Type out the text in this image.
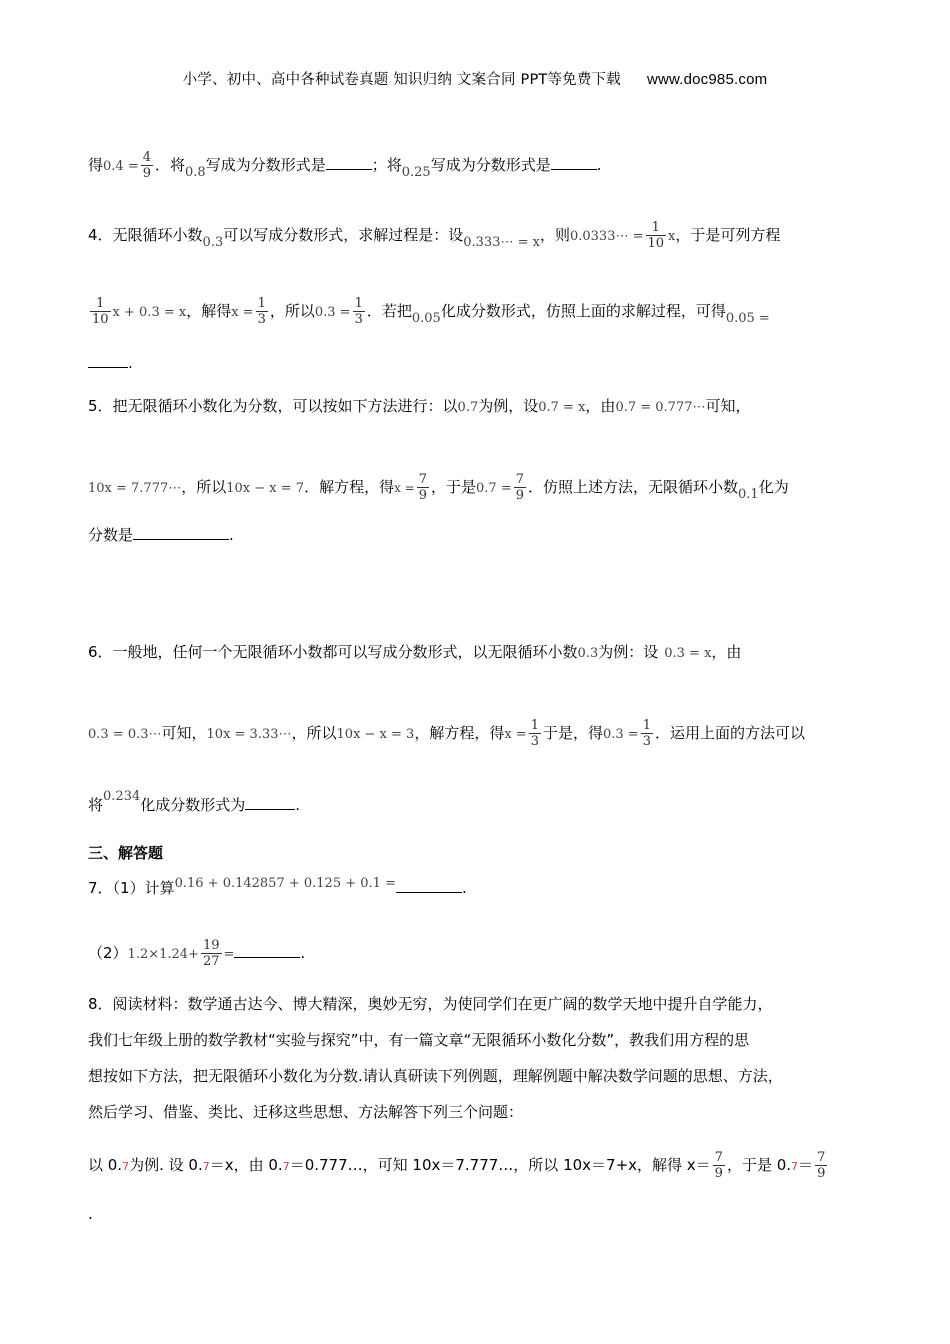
小学、初中、高中各种试卷真题 知识归纳 文案合同 PPT等免费下载 www.doc985.com
得$0.4 = \frac{4}{9}$ ．将0.8写成为分数形式是	；将0.25写成为分数形式是	.
4．无限循环小数0.3可以写成分数形式，求解过程是：设0.333⋯ = x，则0.0333⋯ = $\frac{1}{10}$ x，于是可列方程
$\frac{1}{10}$ x + 0.3 = x，解得$x = \frac{1}{3}$ ，所以$0.3 = \frac{1}{3}$ ．若把0.05化成分数形式，仿照上面的求解过程，可得0.05 =
.
5．把无限循环小数化为分数，可以按如下方法进行：以0.7为例，设0.7 = x，由0.7 = 0.777⋯可知，
10x = 7.777⋯，所以10x − x = 7．解方程，得$x = \frac{7}{9}$ ，于是$0.7 = \frac{7}{9}$ ．仿照上述方法，无限循环小数0.1化为
分数是	.
6．一般地，任何一个无限循环小数都可以写成分数形式，以无限循环小数0.3为例：设 0.3 = x，由
0.3 = 0.3⋯可知，10x = 3.33⋯，所以10x − x = 3，解方程，得$x = \frac{1}{3}$ 于是，得$0.3 = \frac{1}{3}$ ．运用上面的方法可以
将0.234化成分数形式为	.
三、解答题
7．（1）计算0.16 + 0.142857 + 0.125 + 0.1 =	.
$(2)1.2\times 1.24+ \frac{19}{27}$ =	.
8．阅读材料：数学通古达今、博大精深，奥妙无穷，为使同学们在更广阔的数学天地中提升自学能力，
我们七年级上册的数学教材“实验与探究”中，有一篇文章“无限循环小数化分数”，教我们用方程的思
想按如下方法，把无限循环小数化为分数.请认真研读下列例题，理解例题中解决数学问题的思想、方法，
然后学习、借鉴、类比、迁移这些思想、方法解答下列三个问题：
以 0.7为例. 设 0.7＝x，由 0.7＝0.777…，可知 10x＝7.777…，所以 10x＝7+x，解得 $x= \frac{7}{9}$ ，于是 $0.7= \frac{7}{9}$
.
